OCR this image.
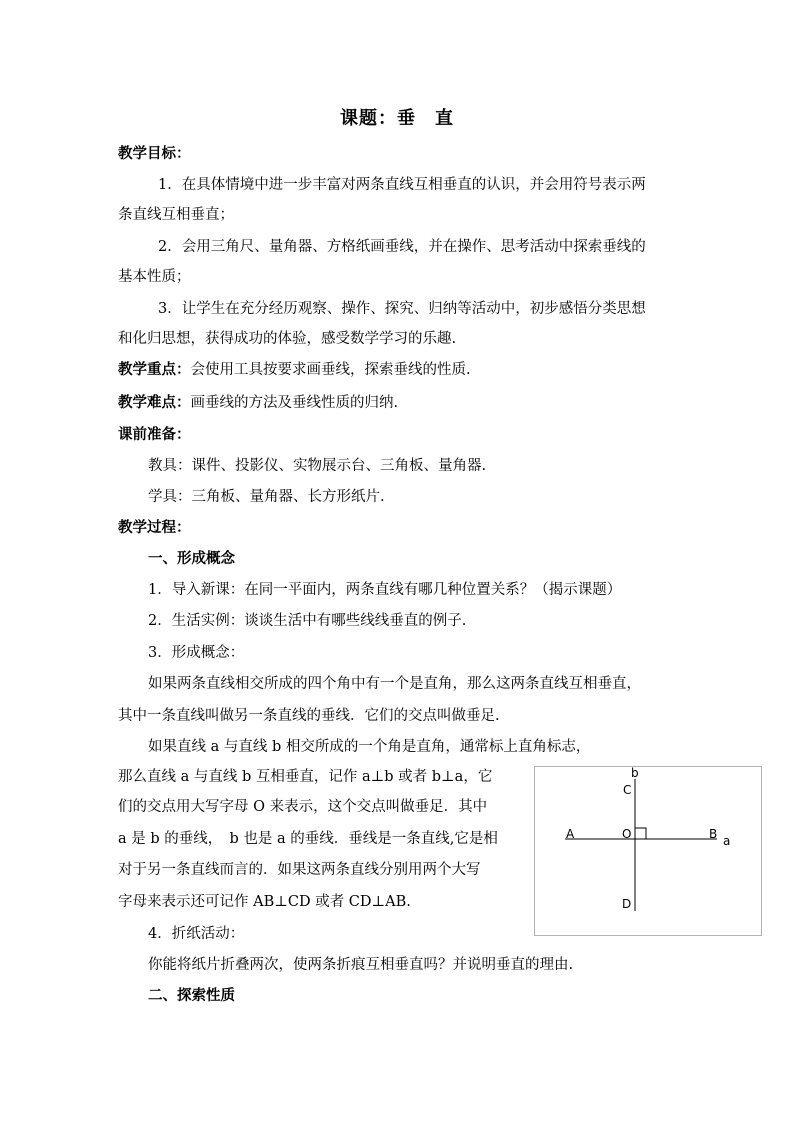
课题：垂　直
教学目标：
1．在具体情境中进一步丰富对两条直线互相垂直的认识，并会用符号表示两
条直线互相垂直；
2．会用三角尺、量角器、方格纸画垂线，并在操作、思考活动中探索垂线的
基本性质；
3．让学生在充分经历观察、操作、探究、归纳等活动中，初步感悟分类思想
和化归思想，获得成功的体验，感受数学学习的乐趣.
教学重点：会使用工具按要求画垂线，探索垂线的性质.
教学难点：画垂线的方法及垂线性质的归纳.
课前准备：
教具：课件、投影仪、实物展示台、三角板、量角器.
学具：三角板、量角器、长方形纸片.
教学过程：
一、形成概念
1．导入新课：在同一平面内，两条直线有哪几种位置关系？（揭示课题）
2．生活实例：谈谈生活中有哪些线线垂直的例子.
3．形成概念：
如果两条直线相交所成的四个角中有一个是直角，那么这两条直线互相垂直，
其中一条直线叫做另一条直线的垂线．它们的交点叫做垂足.
如果直线 a 与直线 b 相交所成的一个角是直角，通常标上直角标志，
那么直线 a 与直线 b 互相垂直，记作 a⊥b 或者 b⊥a，它
们的交点用大写字母 O 来表示，这个交点叫做垂足．其中
a 是 b 的垂线，　b 也是 a 的垂线．垂线是一条直线,它是相
对于另一条直线而言的．如果这两条直线分别用两个大写
字母来表示还可记作 AB⊥CD 或者 CD⊥AB.
4．折纸活动：
你能将纸片折叠两次，使两条折痕互相垂直吗？并说明垂直的理由.
二、探索性质
b
C
A	O	B a
D
